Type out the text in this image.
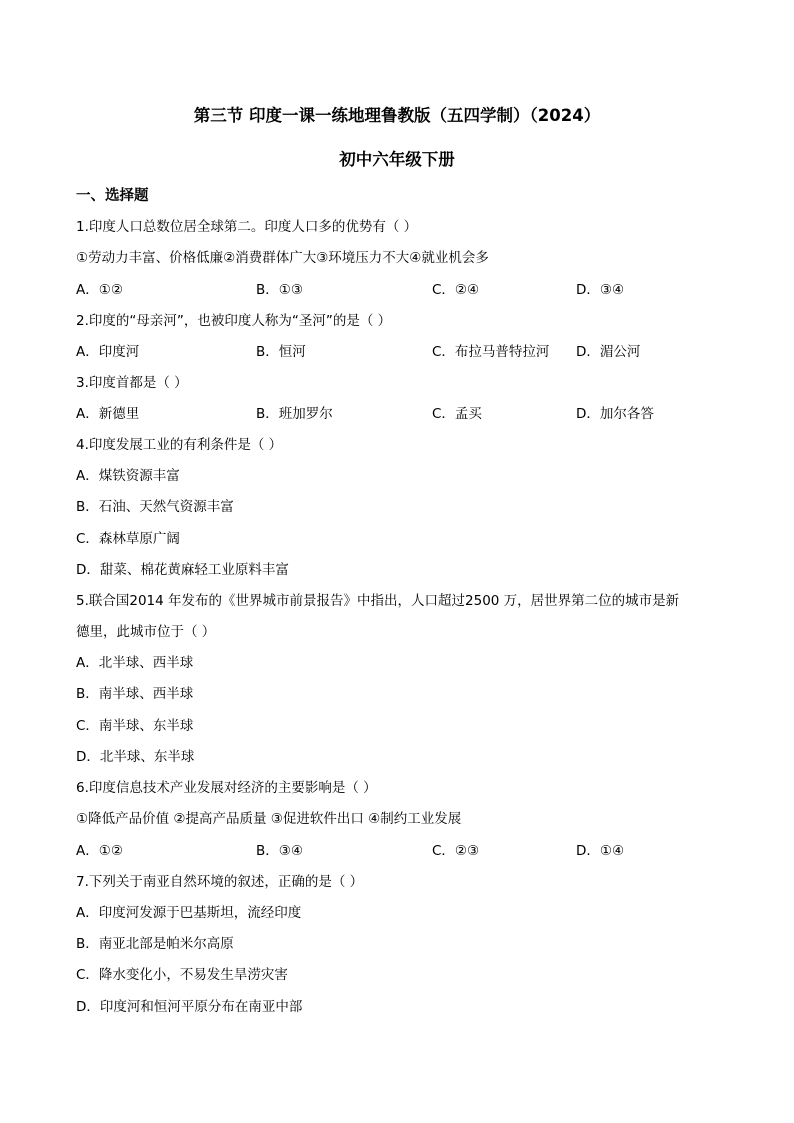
第三节 印度一课一练地理鲁教版（五四学制）（2024）
初中六年级下册
一、选择题
1.印度人口总数位居全球第二。印度人口多的优势有（ ）
①劳动力丰富、价格低廉②消费群体广大③环境压力不大④就业机会多
A．①②	B．①③	C．②④	D．③④
2.印度的“母亲河”，也被印度人称为“圣河”的是（ ）
A．印度河	B．恒河	C．布拉马普特拉河 D．湄公河
3.印度首都是（ ）
A．新德里	B．班加罗尔	C．孟买	D．加尔各答
4.印度发展工业的有利条件是（ ）
A．煤铁资源丰富
B．石油、天然气资源丰富
C．森林草原广阔
D．甜菜、棉花黄麻轻工业原料丰富
5.联合国2014 年发布的《世界城市前景报告》中指出，人口超过2500 万，居世界第二位的城市是新
德里，此城市位于（ ）
A．北半球、西半球
B．南半球、西半球
C．南半球、东半球
D．北半球、东半球
6.印度信息技术产业发展对经济的主要影响是（ ）
①降低产品价值 ②提高产品质量 ③促进软件出口 ④制约工业发展
A．①②	B．③④	C．②③	D．①④
7.下列关于南亚自然环境的叙述，正确的是（ ）
A．印度河发源于巴基斯坦，流经印度
B．南亚北部是帕米尔高原
C．降水变化小，不易发生旱涝灾害
D．印度河和恒河平原分布在南亚中部
